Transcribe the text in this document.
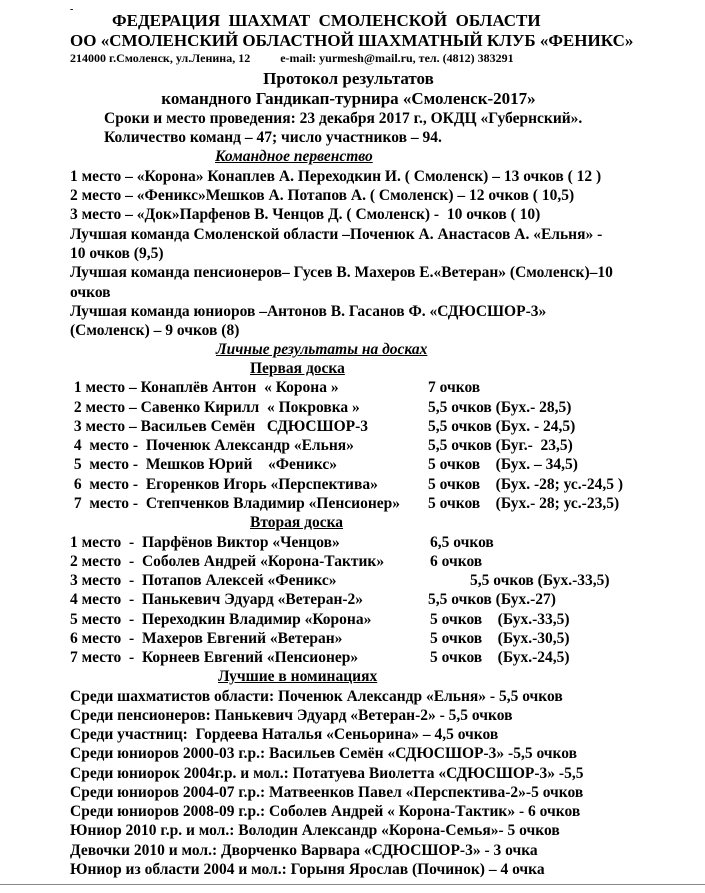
-
ФЕДЕРАЦИЯ  ШАХМАТ  СМОЛЕНСКОЙ  ОБЛАСТИ
ОО «СМОЛЕНСКИЙ ОБЛАСТНОЙ ШАХМАТНЫЙ КЛУБ «ФЕНИКС»
214000 г.Смоленск, ул.Ленина, 12          e-mail: yurmesh@mail.ru, тел. (4812) 383291
Протокол результатов
командного Гандикап-турнира «Смоленск-2017»
Сроки и место проведения: 23 декабря 2017 г., ОКДЦ «Губернский».
Количество команд – 47; число участников – 94.
Командное первенство
1 место – «Корона» Конаплев А. Переходкин И. ( Смоленск) – 13 очков ( 12 )
2 место – «Феникс»Мешков А. Потапов А. ( Смоленск) – 12 очков ( 10,5)
3 место – «Док»Парфенов В. Ченцов Д. ( Смоленск) -  10 очков ( 10)
Лучшая команда Смоленской области –Поченюк А. Анастасов А. «Ельня» -
10 очков (9,5)
Лучшая команда пенсионеров– Гусев В. Махеров Е.«Ветеран» (Смоленск)–10
очков
Лучшая команда юниоров –Антонов В. Гасанов Ф. «СДЮСШОР-3»
(Смоленск) – 9 очков (8)
Личные результаты на досках
Первая доска
1 место – Конаплёв Антон  « Корона »	7 очков
2 место – Савенко Кирилл  « Покровка »	5,5 очков (Бух.- 28,5)
3 место – Васильев Семён   СДЮСШОР-3	5,5 очков (Бух. - 24,5)
4  место -  Поченюк Александр «Ельня»	5,5 очков (Буг.-  23,5)
5  место -  Мешков Юрий    «Феникс»	5 очков    (Бух. – 34,5)
6  место -  Егоренков Игорь «Перспектива»	5 очков    (Бух. -28; ус.-24,5 )
7  место -  Степченков Владимир «Пенсионер» 5 очков    (Бух.- 28; ус.-23,5)
Вторая доска
1 место  -  Парфёнов Виктор «Ченцов»	6,5 очков
2 место  -  Соболев Андрей «Корона-Тактик»	6 очков
3 место  -  Потапов Алексей «Феникс»	5,5 очков (Бух.-33,5)
4 место  -  Панькевич Эдуард «Ветеран-2»	5,5 очков (Бух.-27)
5 место  -  Переходкин Владимир «Корона»	5 очков    (Бух.-33,5)
6 место  -  Махеров Евгений «Ветеран»	5 очков    (Бух.-30,5)
7 место  -  Корнеев Евгений «Пенсионер»	5 очков    (Бух.-24,5)
Лучшие в номинациях
Среди шахматистов области: Поченюк Александр «Ельня» - 5,5 очков
Среди пенсионеров: Панькевич Эдуард «Ветеран-2» - 5,5 очков
Среди участниц:  Гордеева Наталья «Сеньорина» – 4,5 очков
Среди юниоров 2000-03 г.р.: Васильев Семён «СДЮСШОР-3» -5,5 очков
Среди юниорок 2004г.р. и мол.: Потатуева Виолетта «СДЮСШОР-3» -5,5
Среди юниоров 2004-07 г.р.: Матвеенков Павел «Перспектива-2»-5 очков
Среди юниоров 2008-09 г.р.: Соболев Андрей « Корона-Тактик» - 6 очков
Юниор 2010 г.р. и мол.: Володин Александр «Корона-Семья»- 5 очков
Девочки 2010 и мол.: Дворченко Варвара «СДЮСШОР-3» - 3 очка
Юниор из области 2004 и мол.: Горыня Ярослав (Починок) – 4 очка
